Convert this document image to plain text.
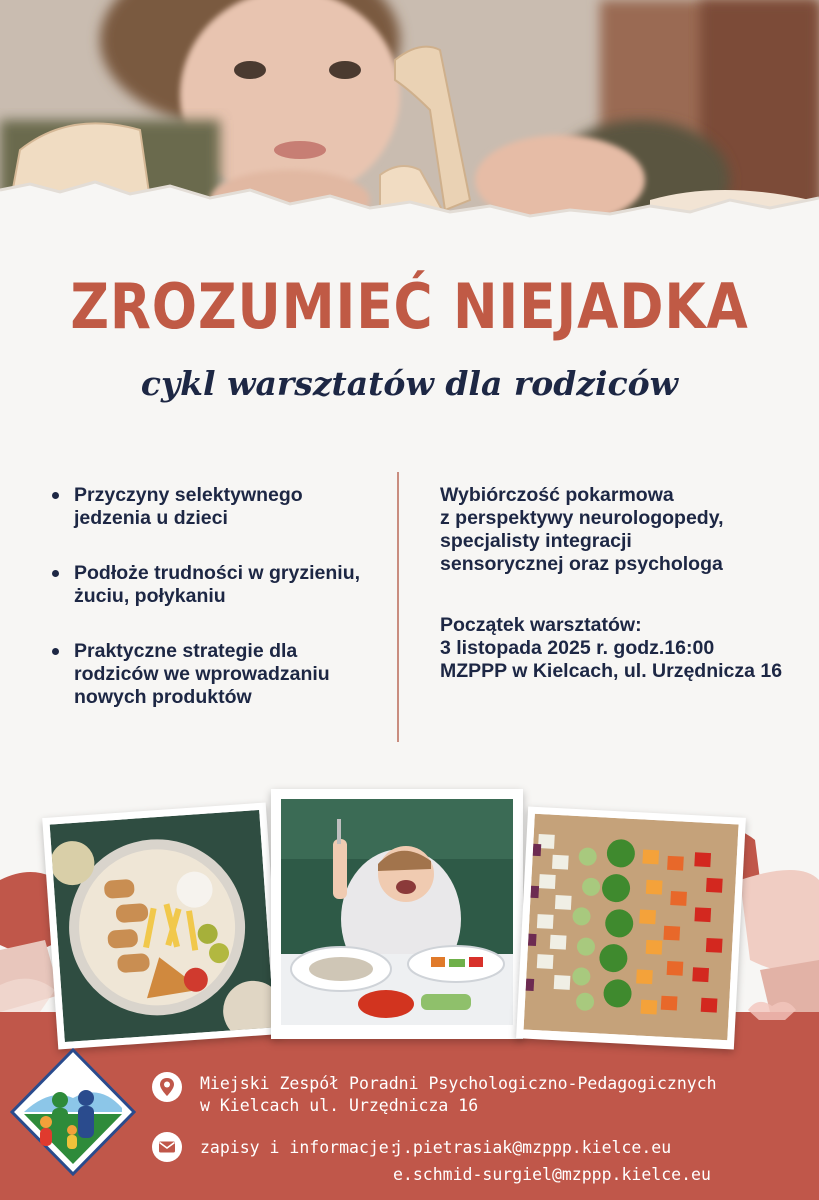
ZROZUMIEĆ NIEJADKA
cykl warsztatów dla rodziców
Przyczyny selektywnego
jedzenia u dzieci
Podłoże trudności w gryzieniu,
żuciu, połykaniu
Praktyczne strategie dla
rodziców we wprowadzaniu
nowych produktów

Wybiórczość pokarmowa

z perspektywy neurologopedy,

specjalisty integracji

sensorycznej oraz psychologa

Początek warsztatów:

3 listopada 2025 r. godz.16:00

MZPPP w Kielcach, ul. Urzędnicza 16

Miejski Zespół Poradni Psychologiczno-Pedagogicznych
w Kielcach ul. Urzędnicza 16
zapisy i informacje:
j.pietrasiak@mzppp.kielce.eu
e.schmid-surgiel@mzppp.kielce.eu
